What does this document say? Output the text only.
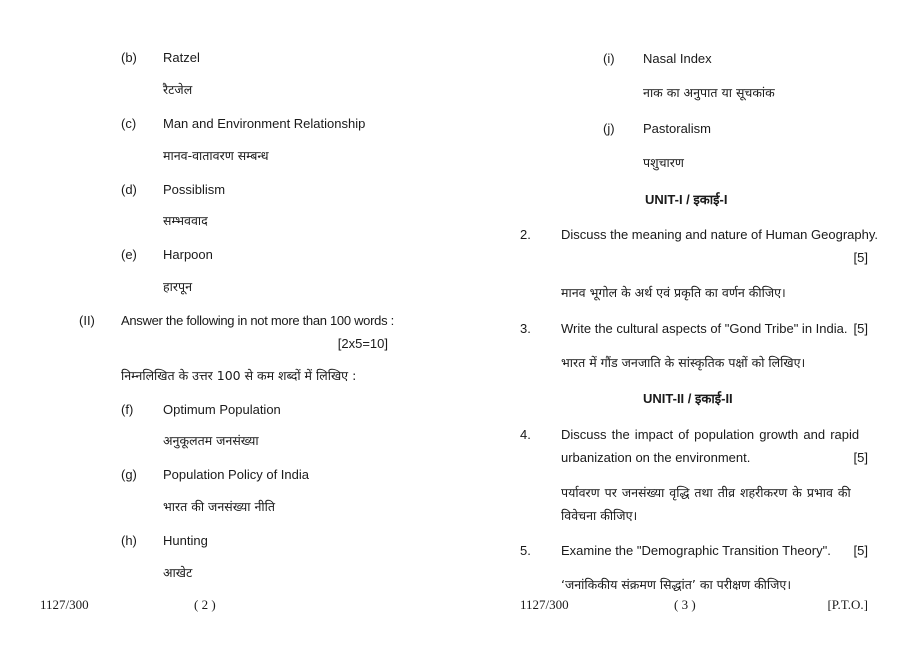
(b) Ratzel
रैटजेल
(c) Man and Environment Relationship
मानव-वातावरण सम्बन्ध
(d) Possiblism
सम्भववाद
(e) Harpoon
हारपून
(II) Answer the following in not more than 100 words :
[2x5=10]
निम्नलिखित के उत्तर 100 से कम शब्दों में लिखिए :
(f) Optimum Population
अनुकूलतम जनसंख्या
(g) Population Policy of India
भारत की जनसंख्या नीति
(h) Hunting
आखेट
1127/300	( 2 )
(i) Nasal Index
नाक का अनुपात या सूचकांक
(j) Pastoralism
पशुचारण
UNIT-I / इकाई-I
2. Discuss the meaning and nature of Human Geography.
[5]
मानव भूगोल के अर्थ एवं प्रकृति का वर्णन कीजिए।
3. Write the cultural aspects of "Gond Tribe" in India. [5]
भारत में गौंड जनजाति के सांस्कृतिक पक्षों को लिखिए।
UNIT-II / इकाई-II
4. Discuss the impact of population growth and rapid
urbanization on the environment.	[5]
पर्यावरण पर जनसंख्या वृद्धि तथा तीव्र शहरीकरण के प्रभाव की
विवेचना कीजिए।
5. Examine the "Demographic Transition Theory".	[5]
‘जनांकिकीय संक्रमण सिद्धांत’ का परीक्षण कीजिए।
1127/300	( 3 )	[P.T.O.]
